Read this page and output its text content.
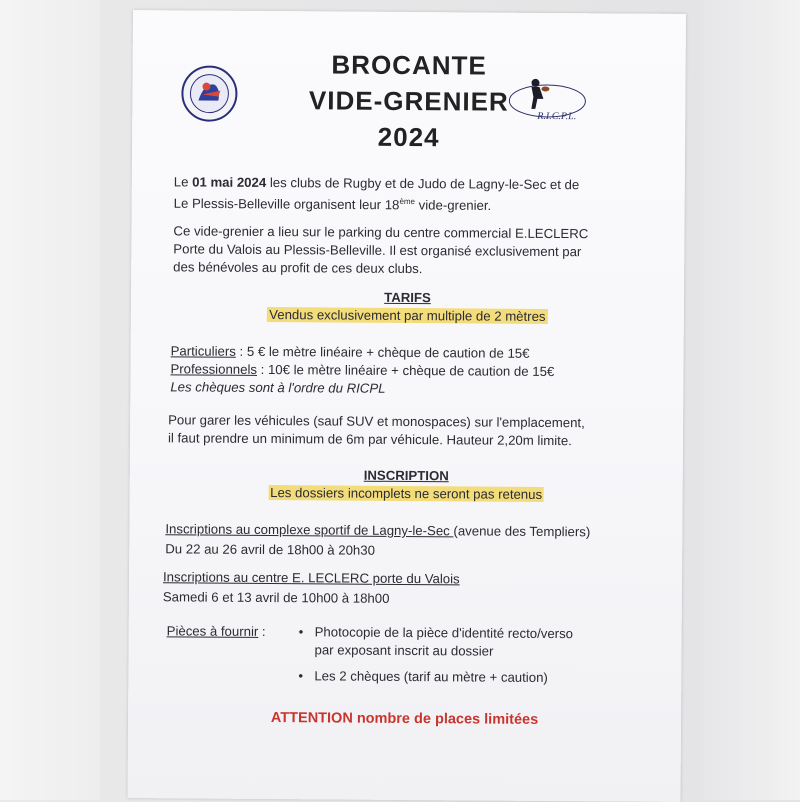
BROCANTE
VIDE-GRENIER
2024
R.I.C.P.L.
Le 01 mai 2024 les clubs de Rugby et de Judo de Lagny-le-Sec et de
Le Plessis-Belleville organisent leur 18ème vide-grenier.
Ce vide-grenier a lieu sur le parking du centre commercial E.LECLERC
Porte du Valois au Plessis-Belleville. Il est organisé exclusivement par
des bénévoles au profit de ces deux clubs.
TARIFS
Vendus exclusivement par multiple de 2 mètres
Particuliers : 5 € le mètre linéaire + chèque de caution de 15€
Professionnels : 10€ le mètre linéaire + chèque de caution de 15€
Les chèques sont à l'ordre du RICPL
Pour garer les véhicules (sauf SUV et monospaces) sur l'emplacement,
il faut prendre un minimum de 6m par véhicule. Hauteur 2,20m limite.
INSCRIPTION
Les dossiers incomplets ne seront pas retenus
Inscriptions au complexe sportif de Lagny-le-Sec (avenue des Templiers)
Du 22 au 26 avril de 18h00 à 20h30
Inscriptions au centre E. LECLERC porte du Valois
Samedi 6 et 13 avril de 10h00 à 18h00
Pièces à fournir : • Photocopie de la pièce d'identité recto/verso
par exposant inscrit au dossier
• Les 2 chèques (tarif au mètre + caution)
ATTENTION nombre de places limitées
